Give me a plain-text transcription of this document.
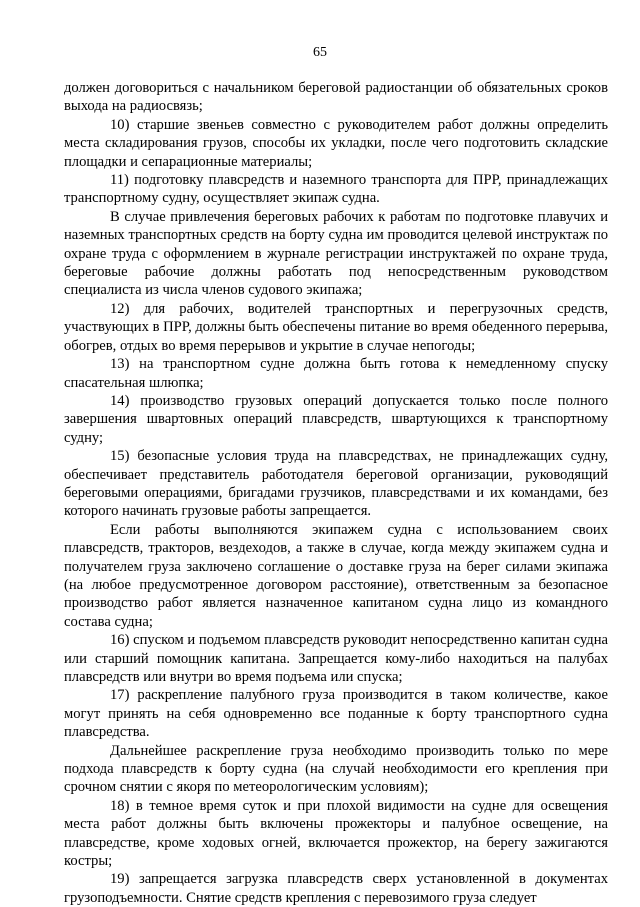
65

должен договориться с начальником береговой радиостанции об обязательных сроков выхода на радиосвязь;

10) старшие звеньев совместно с руководителем работ должны определить места складирования грузов, способы их укладки, после чего подготовить складские площадки и сепарационные материалы;

11) подготовку плавсредств и наземного транспорта для ПРР, принадлежащих транспортному судну, осуществляет экипаж судна.

В случае привлечения береговых рабочих к работам по подготовке плавучих и наземных транспортных средств на борту судна им проводится целевой инструктаж по охране труда с оформлением в журнале регистрации инструктажей по охране труда, береговые рабочие должны работать под непосредственным руководством специалиста из числа членов судового экипажа;

12) для рабочих, водителей транспортных и перегрузочных средств, участвующих в ПРР, должны быть обеспечены питание во время обеденного перерыва, обогрев, отдых во время перерывов и укрытие в случае непогоды;

13) на транспортном судне должна быть готова к немедленному спуску спасательная шлюпка;

14) производство грузовых операций допускается только после полного завершения швартовных операций плавсредств, швартующихся к транспортному судну;

15) безопасные условия труда на плавсредствах, не принадлежащих судну, обеспечивает представитель работодателя береговой организации, руководящий береговыми операциями, бригадами грузчиков, плавсредствами и их командами, без которого начинать грузовые работы запрещается.

Если работы выполняются экипажем судна с использованием своих плавсредств, тракторов, вездеходов, а также в случае, когда между экипажем судна и получателем груза заключено соглашение о доставке груза на берег силами экипажа (на любое предусмотренное договором расстояние), ответственным за безопасное производство работ является назначенное капитаном судна лицо из командного состава судна;

16) спуском и подъемом плавсредств руководит непосредственно капитан судна или старший помощник капитана. Запрещается кому-либо находиться на палубах плавсредств или внутри во время подъема или спуска;

17) раскрепление палубного груза производится в таком количестве, какое могут принять на себя одновременно все поданные к борту транспортного судна плавсредства.

Дальнейшее раскрепление груза необходимо производить только по мере подхода плавсредств к борту судна (на случай необходимости его крепления при срочном снятии с якоря по метеорологическим условиям);

18) в темное время суток и при плохой видимости на судне для освещения места работ должны быть включены прожекторы и палубное освещение, на плавсредстве, кроме ходовых огней, включается прожектор, на берегу зажигаются костры;

19) запрещается загрузка плавсредств сверх установленной в документах грузоподъемности. Снятие средств крепления с перевозимого груза следует
